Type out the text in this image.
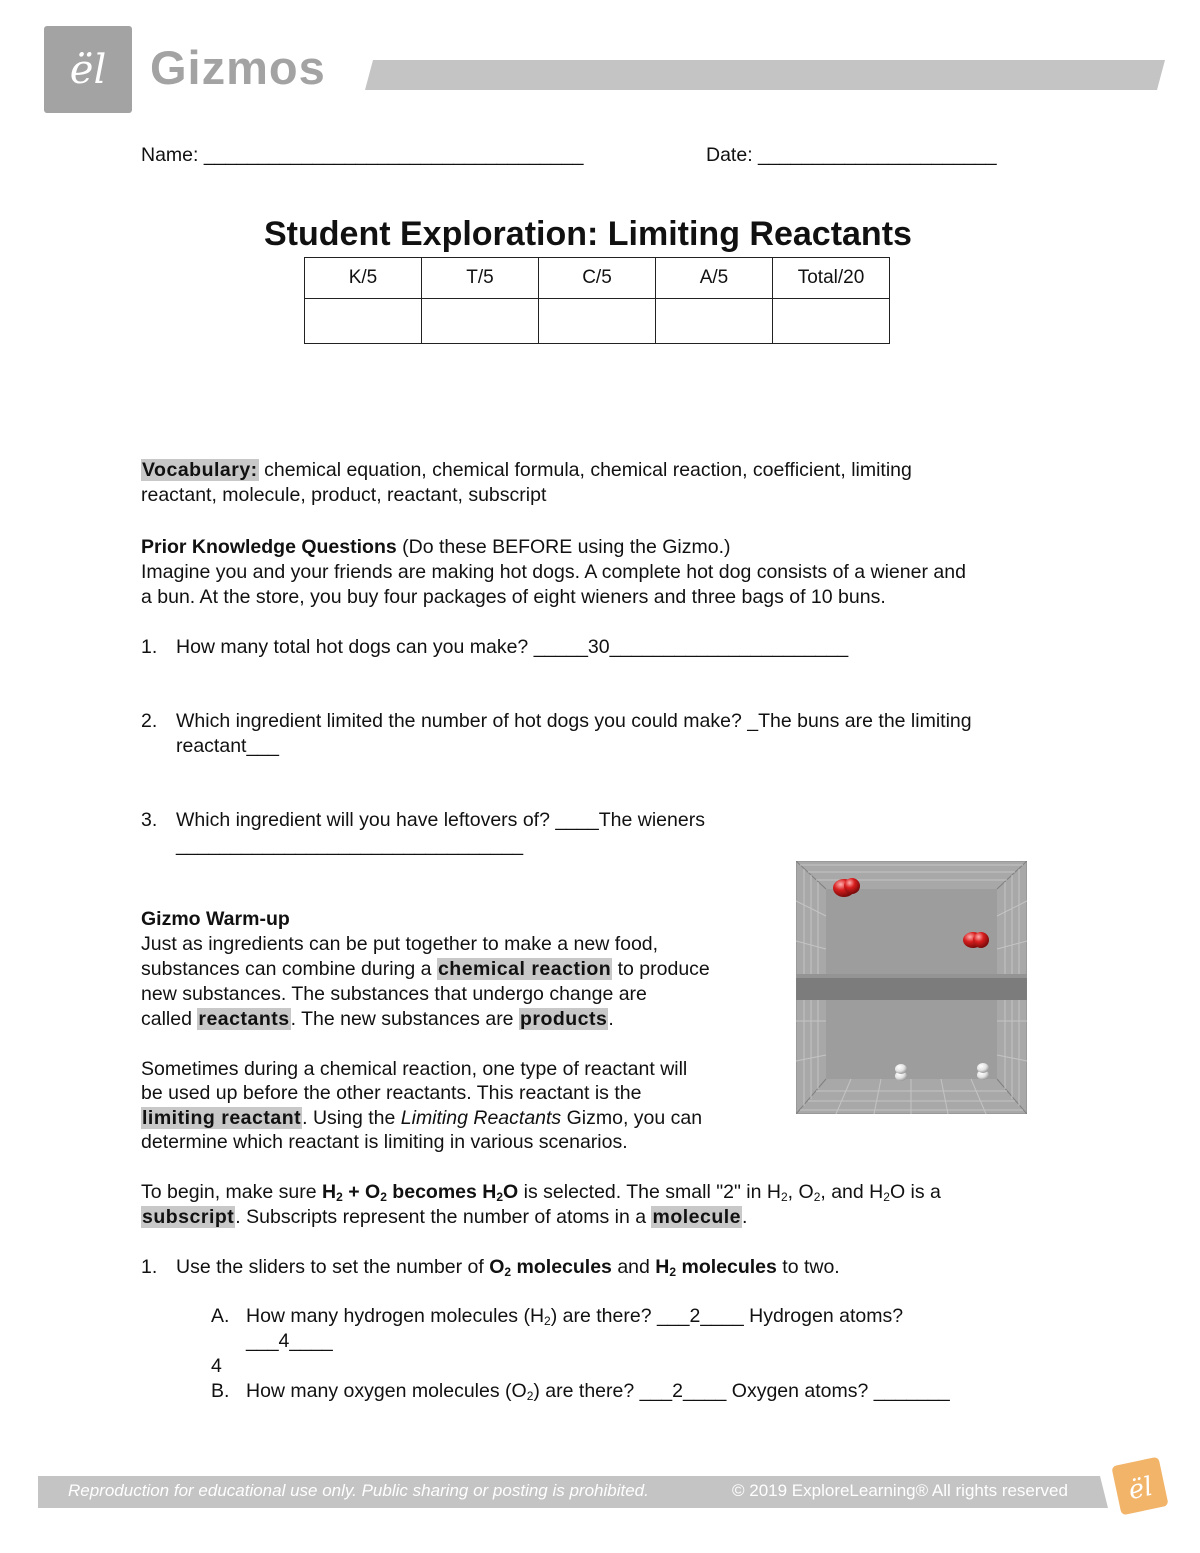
ël Gizmos
Name: ___________________________________	Date: ______________________
Student Exploration: Limiting Reactants
K/5	T/5	C/5	A/5	Total/20

Vocabulary: chemical equation, chemical formula, chemical reaction, coefficient, limiting
reactant, molecule, product, reactant, subscript
Prior Knowledge Questions (Do these BEFORE using the Gizmo.)
Imagine you and your friends are making hot dogs. A complete hot dog consists of a wiener and
a bun. At the store, you buy four packages of eight wieners and three bags of 10 buns.
1. How many total hot dogs can you make? _____30______________________
2. Which ingredient limited the number of hot dogs you could make? _The buns are the limiting
reactant___
3. Which ingredient will you have leftovers of? ____The wieners
________________________________
Gizmo Warm-up
Just as ingredients can be put together to make a new food,
substances can combine during a chemical reaction to produce
new substances. The substances that undergo change are
called reactants. The new substances are products.
Sometimes during a chemical reaction, one type of reactant will
be used up before the other reactants. This reactant is the
limiting reactant. Using the Limiting Reactants Gizmo, you can
determine which reactant is limiting in various scenarios.
To begin, make sure $H_2 + O_2$ becomes $H_2O$ is selected. The small "2" in $H_2$, $O_2$, and $H_2O$ is a
subscript. Subscripts represent the number of atoms in a molecule.
1. Use the sliders to set the number of $O_2$ molecules and $H_2$ molecules to two.
A. How many hydrogen molecules $(H_2)$ are there? ___2____ Hydrogen atoms?
___4____
4
B. How many oxygen molecules $(O_2)$ are there? ___2____ Oxygen atoms? _______
Reproduction for educational use only. Public sharing or posting is prohibited.	© 2019 ExploreLearning® All rights reserved ël
